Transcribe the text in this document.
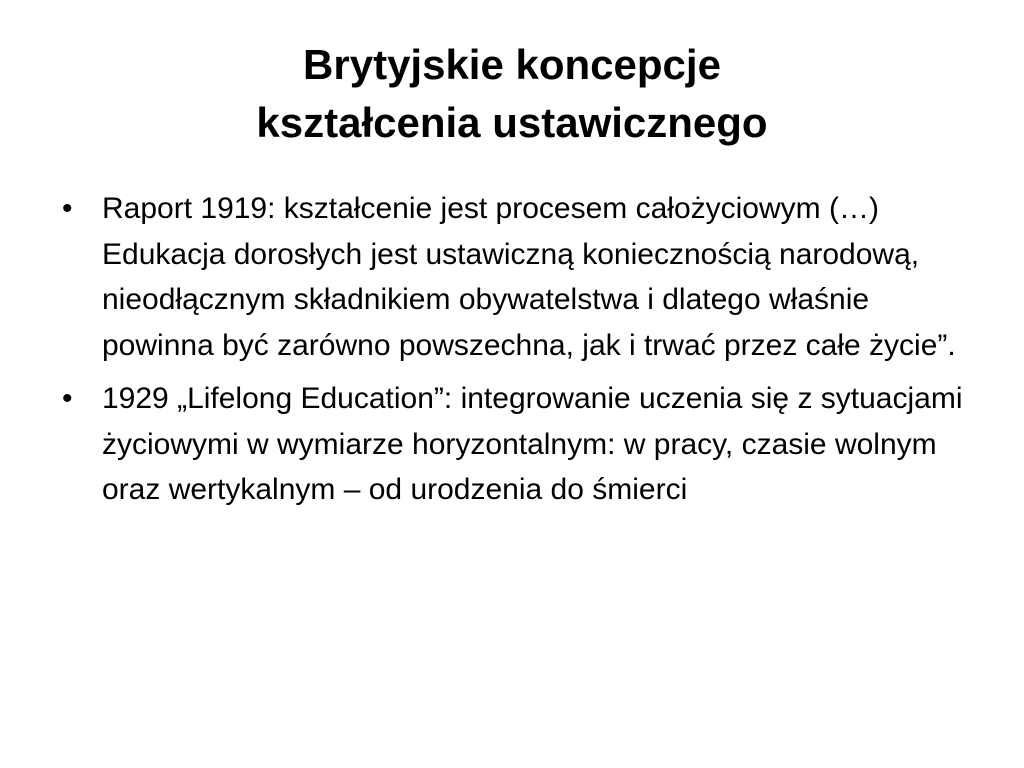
Brytyjskie koncepcje
kształcenia ustawicznego
• Raport 1919: kształcenie jest procesem całożyciowym (…) Edukacja dorosłych jest ustawiczną koniecznością narodową, nieodłącznym składnikiem obywatelstwa i dlatego właśnie powinna być zarówno powszechna, jak i trwać przez całe życie”.
• 1929 „Lifelong Education”: integrowanie uczenia się z sytuacjami życiowymi w wymiarze horyzontalnym: w pracy, czasie wolnym oraz wertykalnym – od urodzenia do śmierci
